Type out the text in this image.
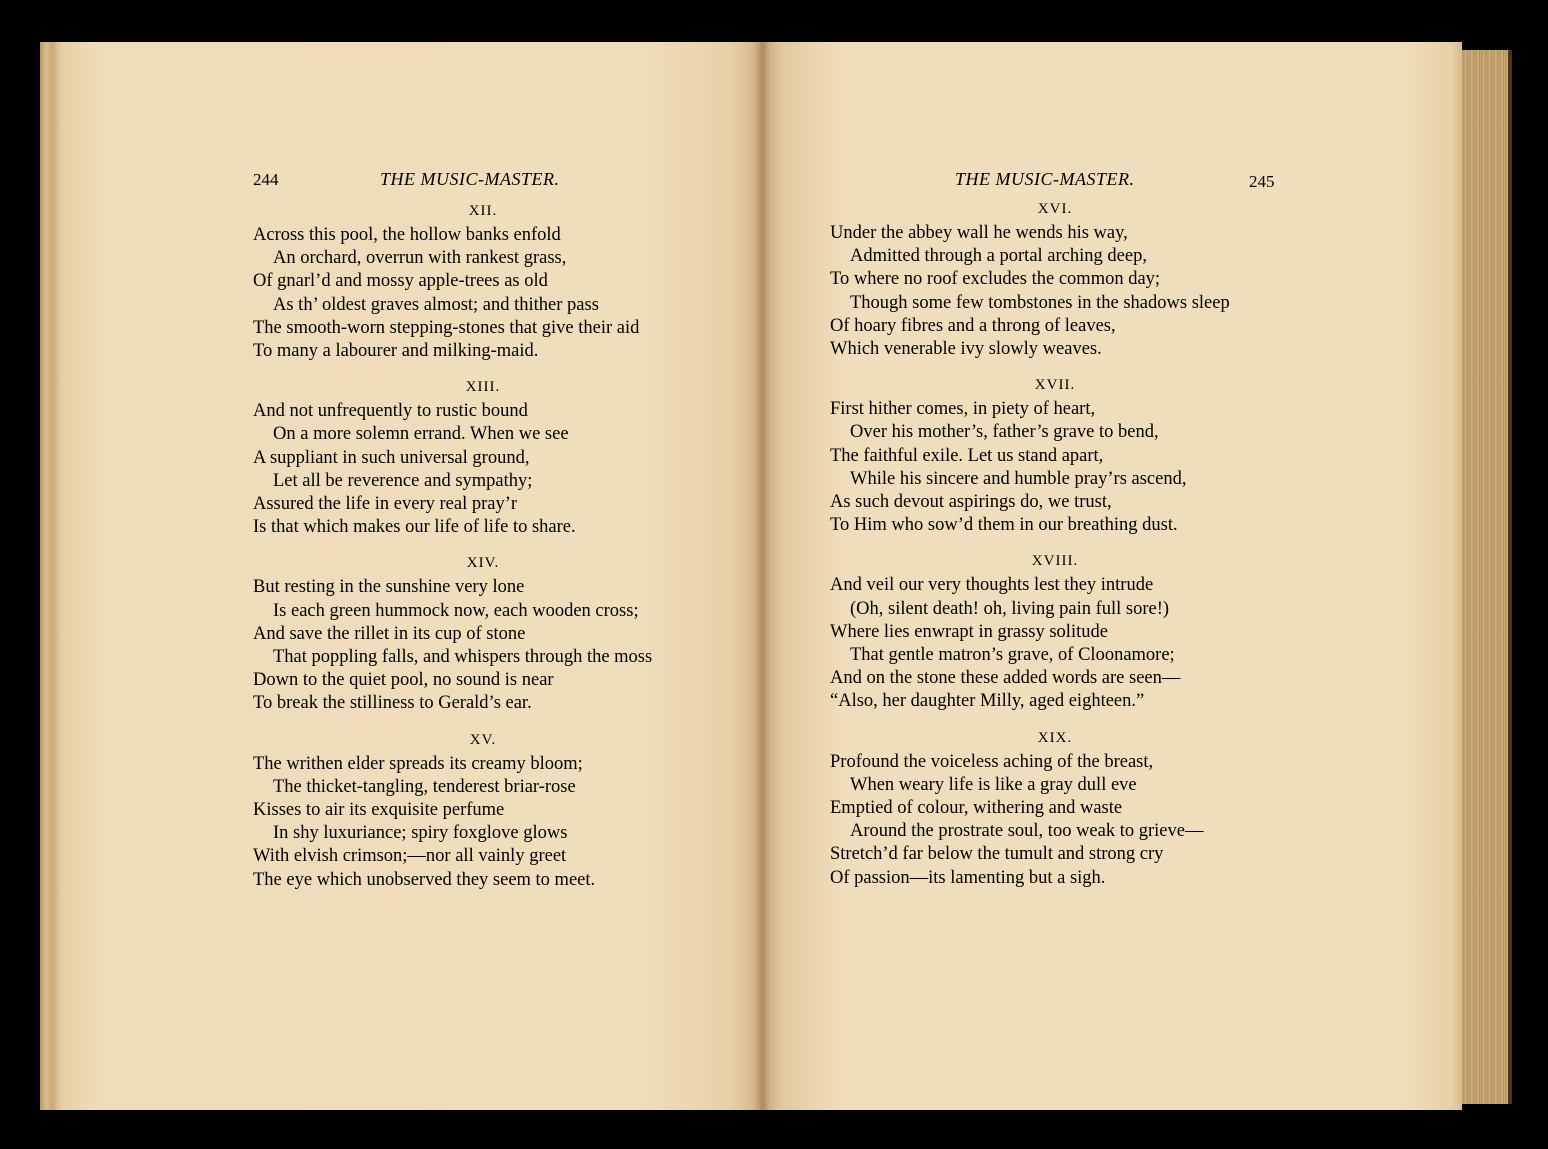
244	THE MUSIC-MASTER.	THE MUSIC-MASTER.	245
XII.
Across this pool, the hollow banks enfold
An orchard, overrun with rankest grass,
Of gnarl’d and mossy apple-trees as old
As th’ oldest graves almost; and thither pass
The smooth-worn stepping-stones that give their aid
To many a labourer and milking-maid.
XIII.
And not unfrequently to rustic bound
On a more solemn errand. When we see
A suppliant in such universal ground,
Let all be reverence and sympathy;
Assured the life in every real pray’r
Is that which makes our life of life to share.
XIV.
But resting in the sunshine very lone
Is each green hummock now, each wooden cross;
And save the rillet in its cup of stone
That poppling falls, and whispers through the moss
Down to the quiet pool, no sound is near
To break the stilliness to Gerald’s ear.
XV.
The writhen elder spreads its creamy bloom;
The thicket-tangling, tenderest briar-rose
Kisses to air its exquisite perfume
In shy luxuriance; spiry foxglove glows
With elvish crimson;—nor all vainly greet
The eye which unobserved they seem to meet.
XVI.
Under the abbey wall he wends his way,
Admitted through a portal arching deep,
To where no roof excludes the common day;
Though some few tombstones in the shadows sleep
Of hoary fibres and a throng of leaves,
Which venerable ivy slowly weaves.
XVII.
First hither comes, in piety of heart,
Over his mother’s, father’s grave to bend,
The faithful exile. Let us stand apart,
While his sincere and humble pray’rs ascend,
As such devout aspirings do, we trust,
To Him who sow’d them in our breathing dust.
XVIII.
And veil our very thoughts lest they intrude
(Oh, silent death! oh, living pain full sore!)
Where lies enwrapt in grassy solitude
That gentle matron’s grave, of Cloonamore;
And on the stone these added words are seen—
“Also, her daughter Milly, aged eighteen.”
XIX.
Profound the voiceless aching of the breast,
When weary life is like a gray dull eve
Emptied of colour, withering and waste
Around the prostrate soul, too weak to grieve—
Stretch’d far below the tumult and strong cry
Of passion—its lamenting but a sigh.
